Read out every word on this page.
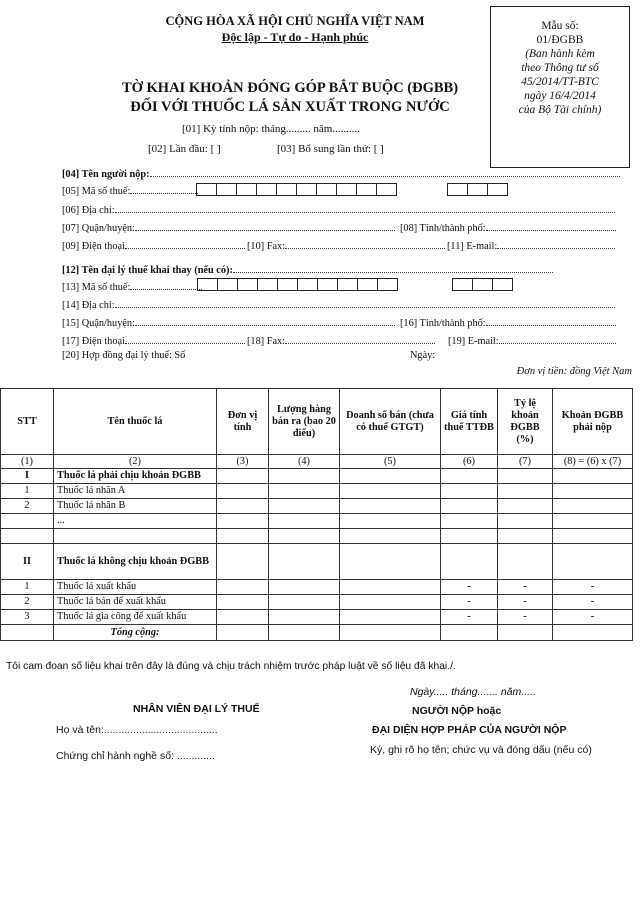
CỘNG HÒA XÃ HỘI CHỦ NGHĨA VIỆT NAM
Độc lập - Tự do - Hạnh phúc
TỜ KHAI KHOẢN ĐÓNG GÓP BẮT BUỘC (ĐGBB)
ĐỐI VỚI THUỐC LÁ SẢN XUẤT TRONG NƯỚC
[01] Kỳ tính nộp: tháng......... năm..........
[02] Lần đầu: [ ]	[03] Bổ sung lần thứ: [ ]
Mẫu số:
01/ĐGBB
(Ban hành kèm
theo Thông tư số
45/2014/TT-BTC
ngày 16/4/2014
của Bộ Tài chính)
[04] Tên người nộp:
[05] Mã số thuế:
[06] Địa chỉ:
[07] Quận/huyện:	[08] Tỉnh/thành phố:
[09] Điện thoại	[10] Fax:	[11] E-mail:
[12] Tên đại lý thuế khai thay (nếu có):
[13] Mã số thuế:
[14] Địa chỉ:
[15] Quận/huyện:	[16] Tỉnh/thành phố:
[17] Điện thoại	[18] Fax:	[19] E-mail:
[20] Hợp đồng đại lý thuế: Số	Ngày:
Đơn vị tiền: đồng Việt Nam
STT	Tên thuốc lá	Đơn vị tính	Lượng hàng bán ra (bao 20 điếu)	Doanh số bán (chưa có thuế GTGT)	Giá tính thuế TTĐB	Tỷ lệ khoản ĐGBB (%)	Khoản ĐGBB phải nộp
(1)	(2)	(3)	(4)	(5)	(6)	(7)	(8) = (6) x (7)
I	Thuốc lá phải chịu khoản ĐGBB						
1	Thuốc lá nhãn A						
2	Thuốc lá nhãn B						
	...						

II	Thuốc lá không chịu khoản ĐGBB						
1	Thuốc lá xuất khẩu				-	-	-
2	Thuốc lá bán để xuất khẩu				-	-	-
3	Thuốc lá gia công để xuất khẩu				-	-	-
	Tổng cộng:						
Tôi cam đoan số liệu khai trên đây là đúng và chịu trách nhiệm trước pháp luật về số liệu đã khai./.
Ngày..... tháng....... năm.....
NHÂN VIÊN ĐẠI LÝ THUẾ	NGƯỜI NỘP hoặc
Họ và tên:.......................................	ĐẠI DIỆN HỢP PHÁP CỦA NGƯỜI NỘP
Ký, ghi rõ họ tên; chức vụ và đóng dấu (nếu có)
Chứng chỉ hành nghề số: .............
